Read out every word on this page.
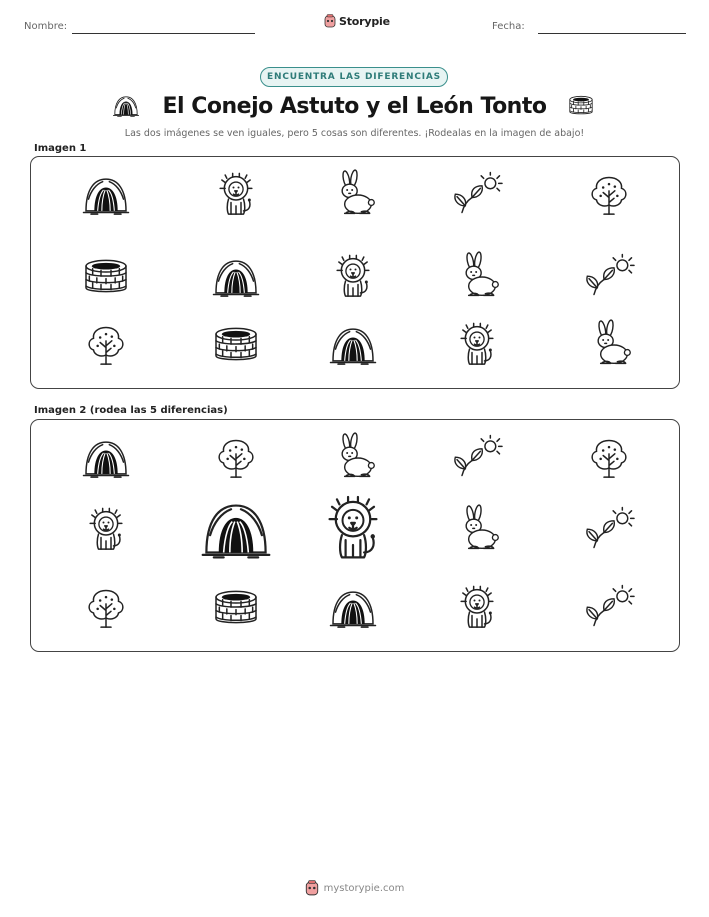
Nombre:	Storypie	Fecha:
ENCUENTRA LAS DIFERENCIAS
El Conejo Astuto y el León Tonto
Las dos imágenes se ven iguales, pero 5 cosas son diferentes. ¡Rodealas en la imagen de abajo!
Imagen 1
Imagen 2 (rodea las 5 diferencias)
mystorypie.com
